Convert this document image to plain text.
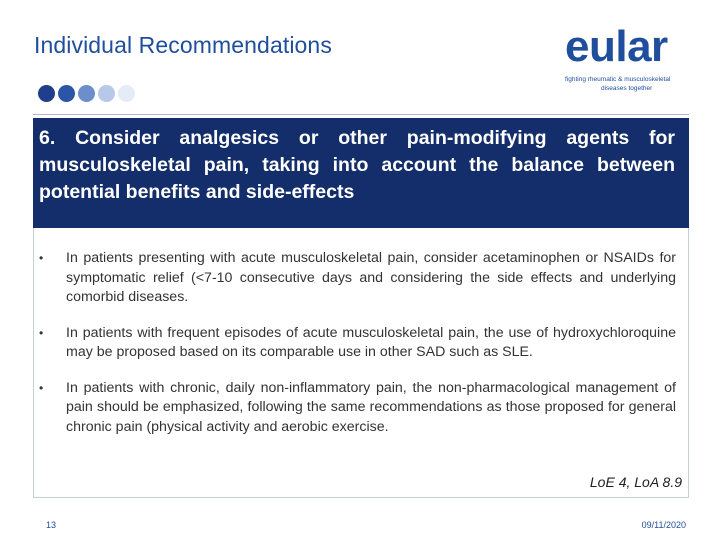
Individual Recommendations	eular
fighting rheumatic & musculoskeletal
diseases together

6. Consider analgesics or other pain-modifying agents for musculoskeletal pain, taking into account the balance between potential benefits and side-effects

• In patients presenting with acute musculoskeletal pain, consider acetaminophen or NSAIDs for symptomatic relief (<7-10 consecutive days and considering the side effects and underlying comorbid diseases.

• In patients with frequent episodes of acute musculoskeletal pain, the use of hydroxychloroquine may be proposed based on its comparable use in other SAD such as SLE.

• In patients with chronic, daily non-inflammatory pain, the non-pharmacological management of pain should be emphasized, following the same recommendations as those proposed for general chronic pain (physical activity and aerobic exercise.

LoE 4, LoA 8.9
13	09/11/2020
